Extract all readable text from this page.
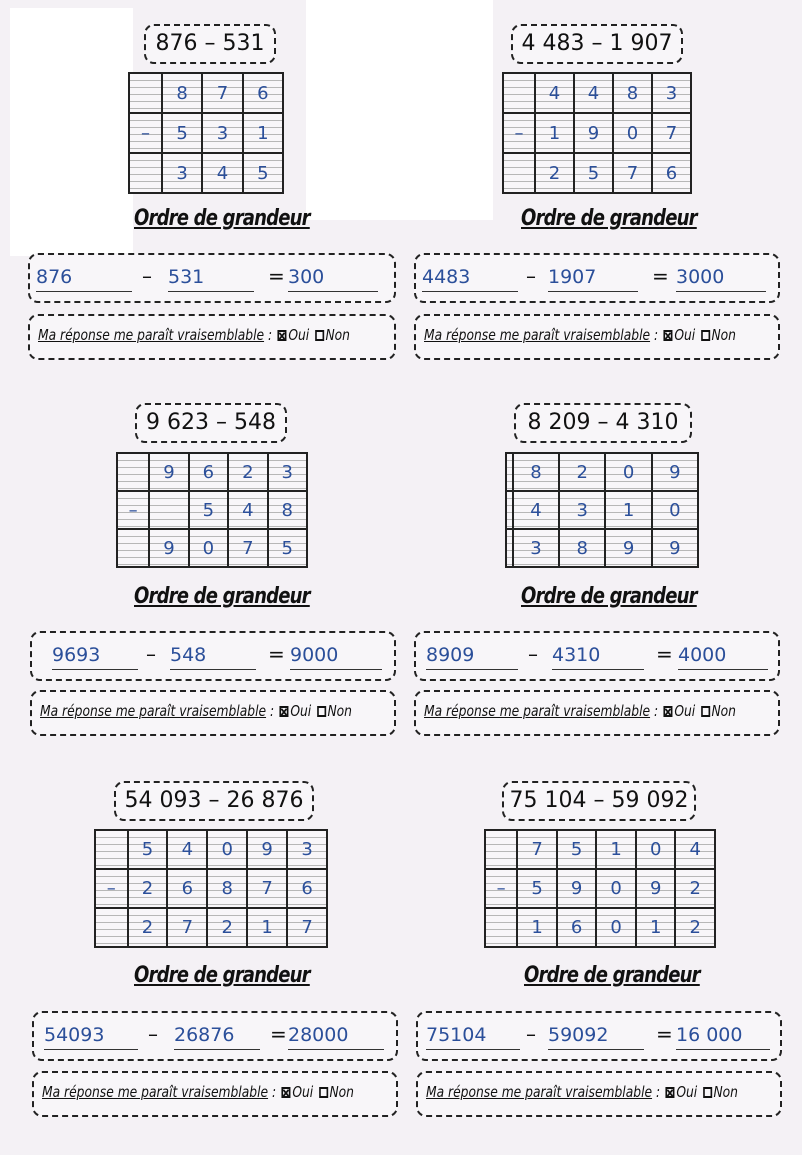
876 – 531
	8	7	6
–	5	3	1
	3	4	5
Ordre de grandeur
876	– 531	= 300
Ma réponse me paraît vraisemblable : Oui Non
4 483 – 1 907
	4	4	8	3
–	1	9	0	7
	2	5	7	6
Ordre de grandeur
4483	– 1907	= 3000
Ma réponse me paraît vraisemblable : Oui Non
9 623 – 548
	9	6	2	3
–		5	4	8
	9	0	7	5
Ordre de grandeur
9693	– 548	= 9000
Ma réponse me paraît vraisemblable : Oui Non
8 209 – 4 310
	8	2	0	9
	4	3	1	0
	3	8	9	9
Ordre de grandeur
8909	– 4310	= 4000
Ma réponse me paraît vraisemblable : Oui Non
54 093 – 26 876
	5	4	0	9	3
–	2	6	8	7	6
	2	7	2	1	7
Ordre de grandeur
54093	– 26876	= 28000
Ma réponse me paraît vraisemblable : Oui Non
75 104 – 59 092
	7	5	1	0	4
–	5	9	0	9	2
	1	6	0	1	2
Ordre de grandeur
75104	– 59092	= 16 000
Ma réponse me paraît vraisemblable : Oui Non
